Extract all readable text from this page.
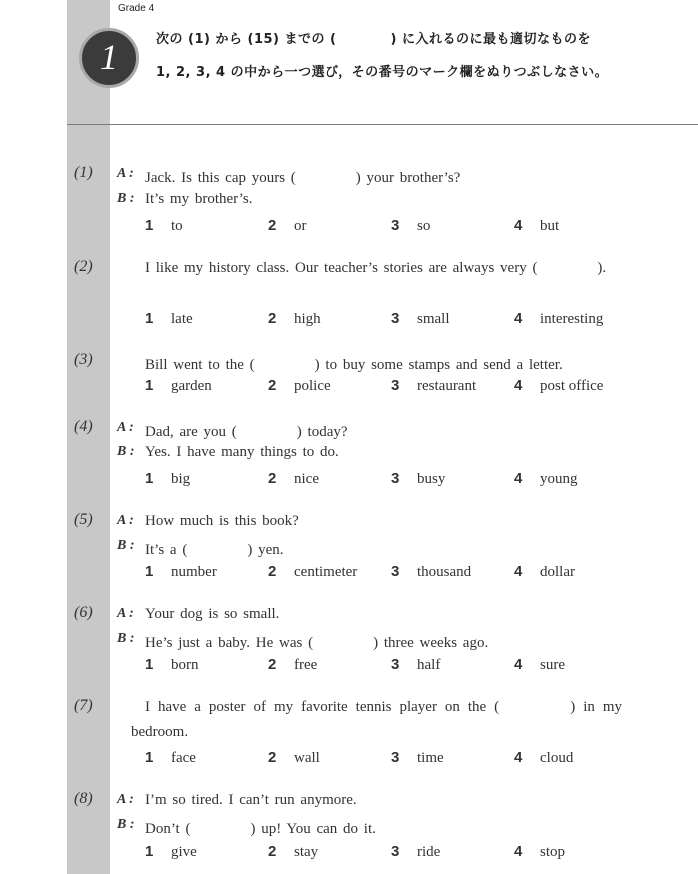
Grade 4
1	次の (1) から (15) までの (　　　　) に入れるのに最も適切なものを
1, 2, 3, 4 の中から一つ選び，その番号のマーク欄をぬりつぶしなさい。
(1) A : Jack. Is this cap yours (　　　　) your brother’s?
B : It’s my brother’s.
1 to	2 or	3 so	4 but
(2)	I like my history class. Our teacher’s stories are always very (　　　　).
1 late	2 high	3 small	4 interesting
(3)	Bill went to the (　　　　) to buy some stamps and send a letter.
1 garden	2 police	3 restaurant	4 post office
(4) A : Dad, are you (　　　　) today?
B : Yes. I have many things to do.
1 big	2 nice	3 busy	4 young
(5) A : How much is this book?
B : It’s a (　　　　) yen.
1 number	2 centimeter 3 thousand	4 dollar
(6) A : Your dog is so small.
B : He’s just a baby. He was (　　　　) three weeks ago.
1 born	2 free	3 half	4 sure
(7)	I have a poster of my favorite tennis player on the (　　　　) in my bedroom.
1 face	2 wall	3 time	4 cloud
(8) A : I’m so tired. I can’t run anymore.
B : Don’t (　　　　) up! You can do it.
1 give	2 stay	3 ride	4 stop
